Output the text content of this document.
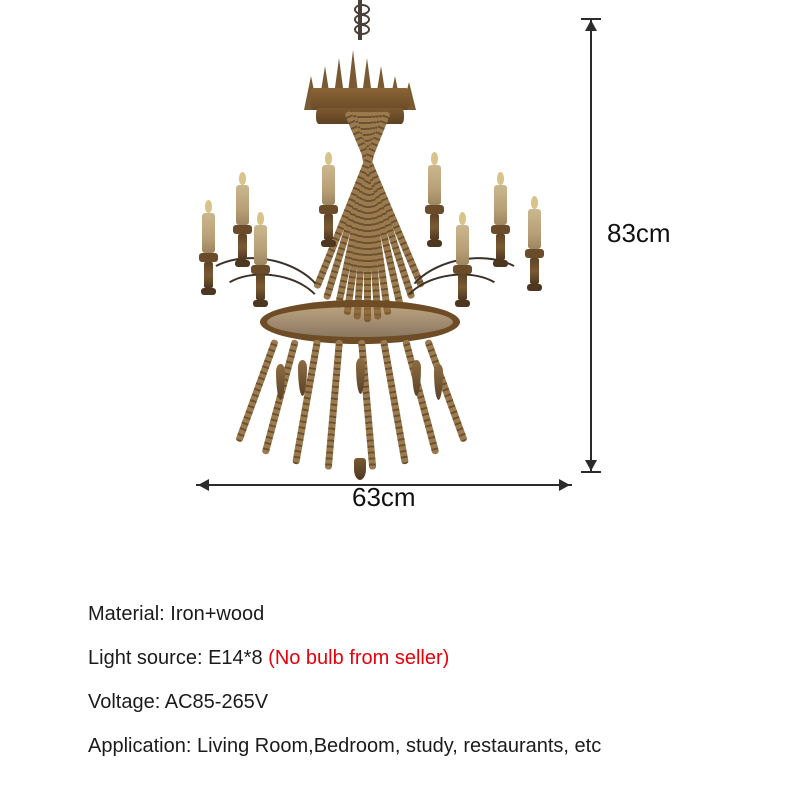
83cm
63cm
Material: Iron+wood
Light source: E14*8 (No bulb from seller)
Voltage: AC85-265V
Application: Living Room,Bedroom, study, restaurants, etc
